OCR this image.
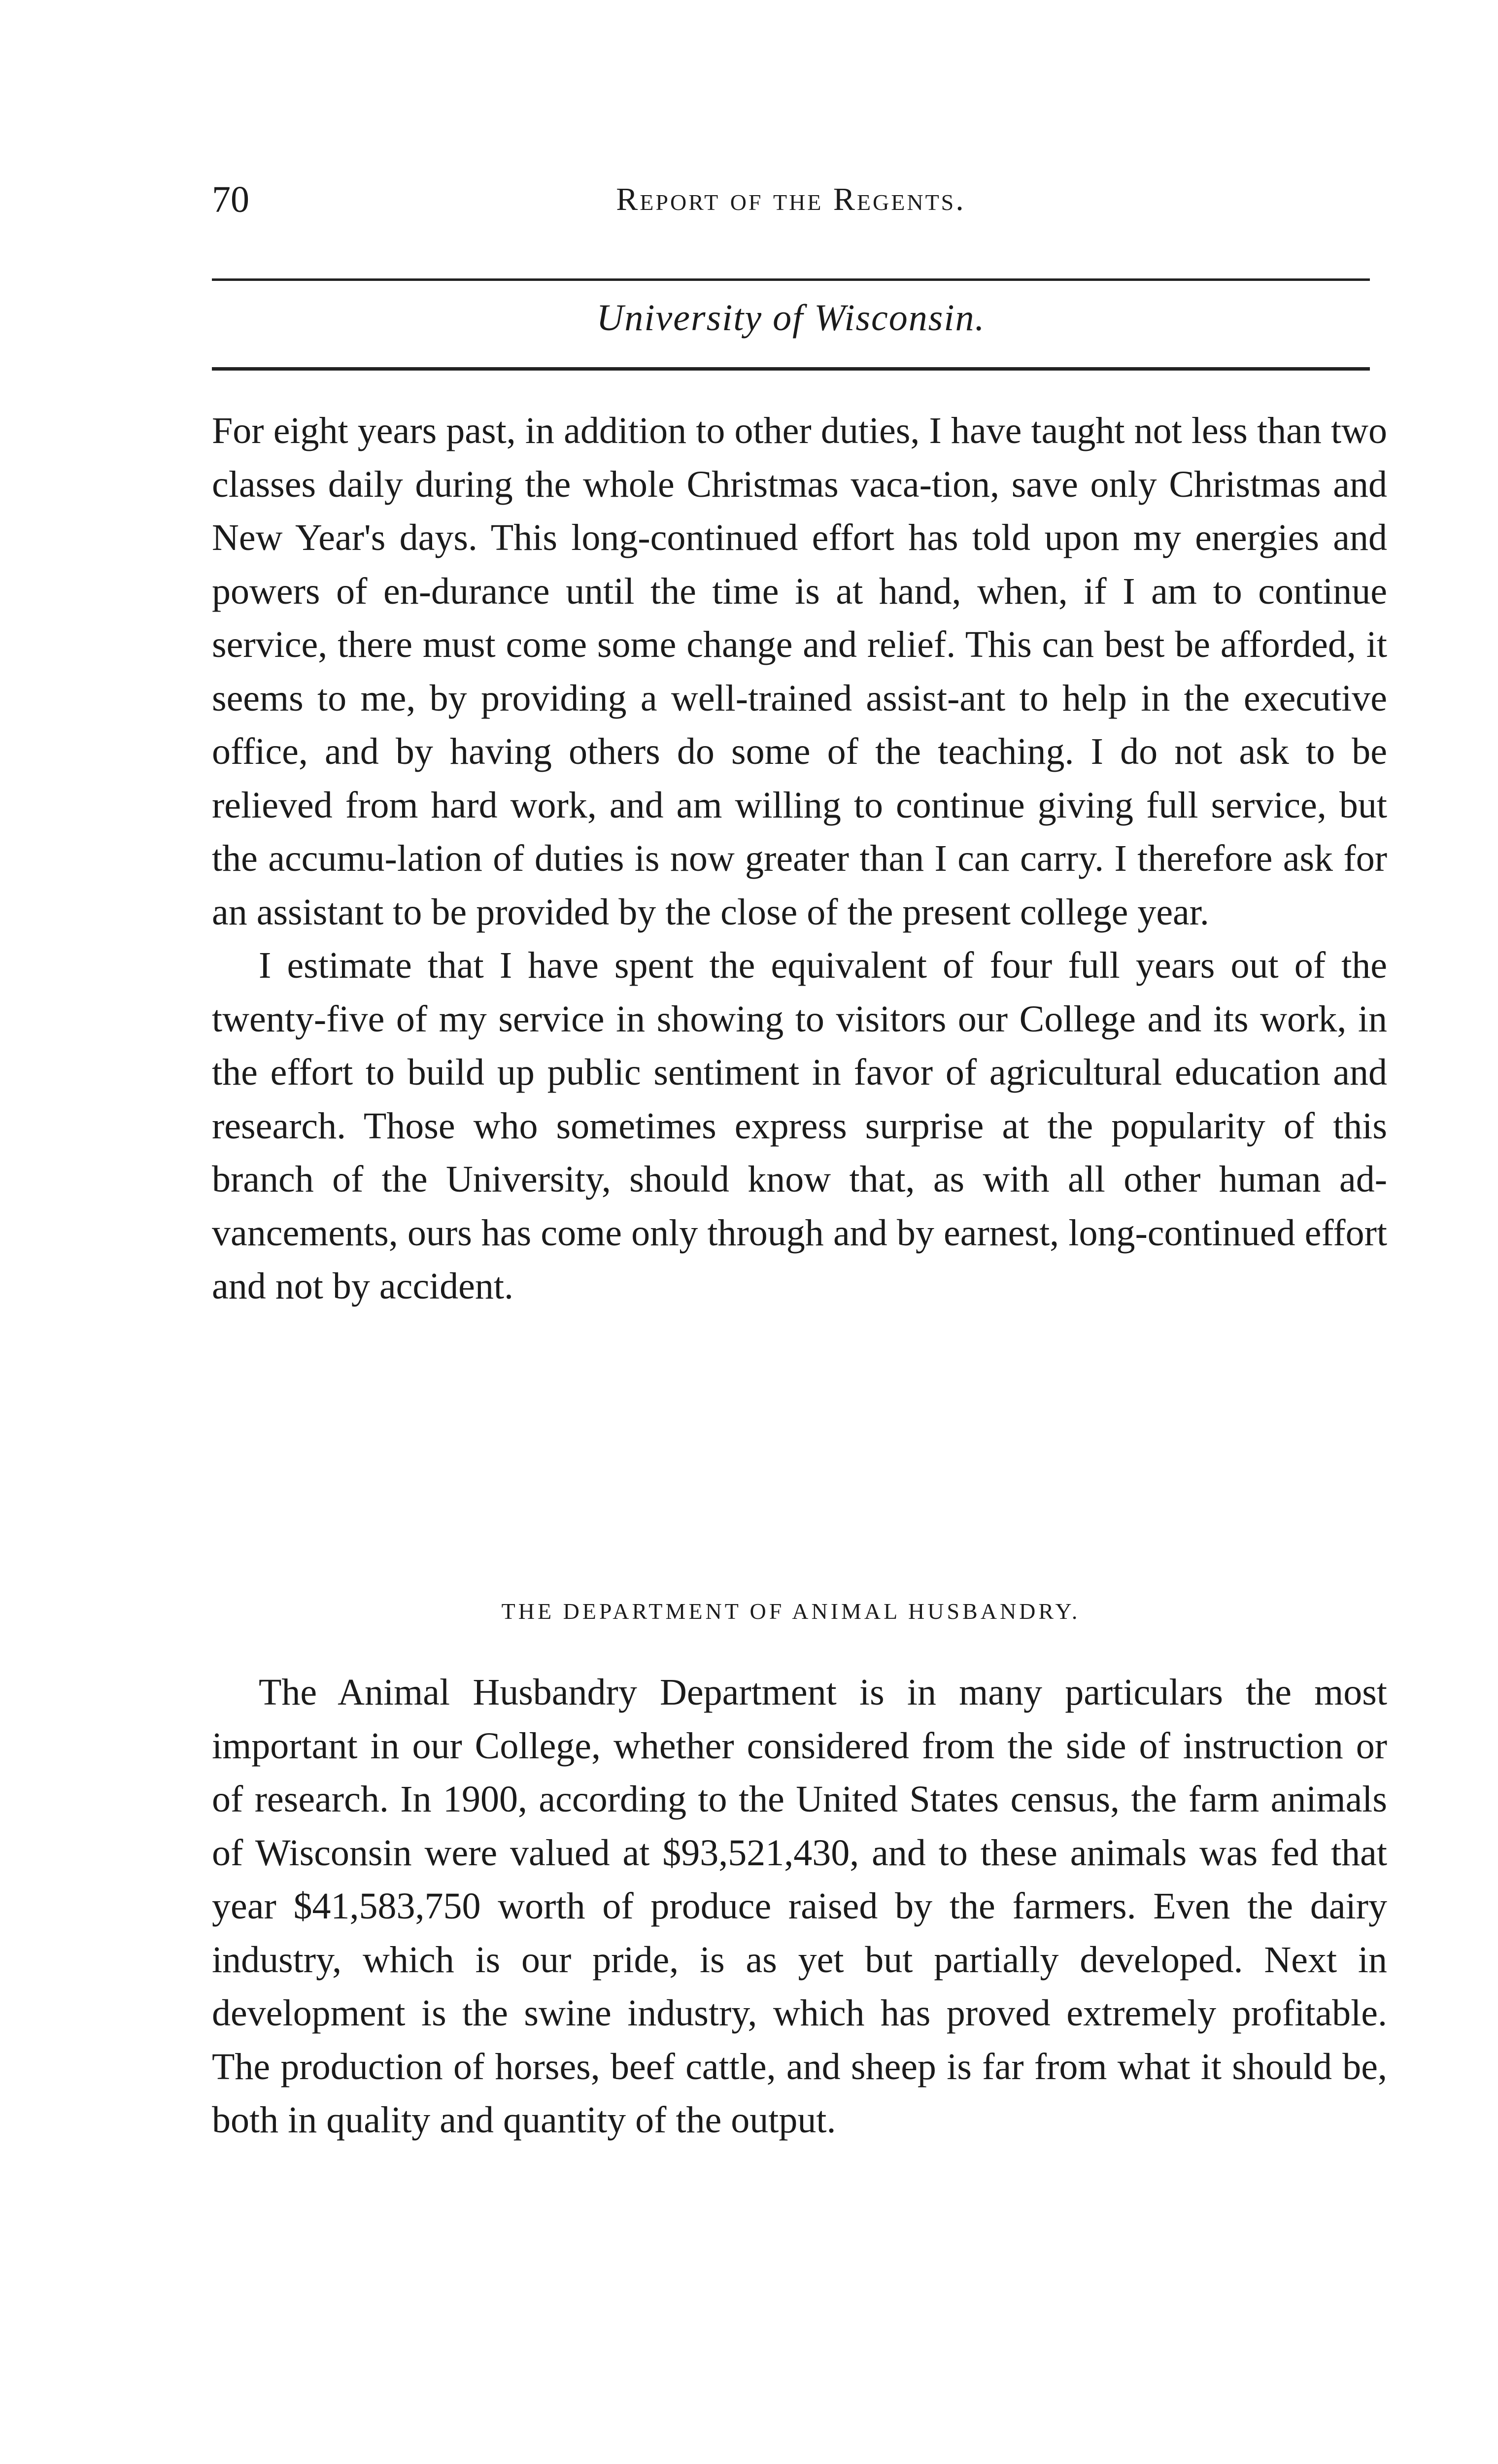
70	Report of the Regents.
University of Wisconsin.

For eight years past, in addition to other duties, I have taught not less than two classes daily during the whole Christmas vaca-tion, save only Christmas and New Year's days. This long-continued effort has told upon my energies and powers of en-durance until the time is at hand, when, if I am to continue service, there must come some change and relief. This can best be afforded, it seems to me, by providing a well-trained assist-ant to help in the executive office, and by having others do some of the teaching. I do not ask to be relieved from hard work, and am willing to continue giving full service, but the accumu-lation of duties is now greater than I can carry. I therefore ask for an assistant to be provided by the close of the present college year.

I estimate that I have spent the equivalent of four full years out of the twenty-five of my service in showing to visitors our College and its work, in the effort to build up public sentiment in favor of agricultural education and research. Those who sometimes express surprise at the popularity of this branch of the University, should know that, as with all other human ad-vancements, ours has come only through and by earnest, long-continued effort and not by accident.

THE DEPARTMENT OF ANIMAL HUSBANDRY.

The Animal Husbandry Department is in many particulars the most important in our College, whether considered from the side of instruction or of research. In 1900, according to the United States census, the farm animals of Wisconsin were valued at $93,521,430, and to these animals was fed that year $41,583,750 worth of produce raised by the farmers. Even the dairy industry, which is our pride, is as yet but partially developed. Next in development is the swine industry, which has proved extremely profitable. The production of horses, beef cattle, and sheep is far from what it should be, both in quality and quantity of the output.
